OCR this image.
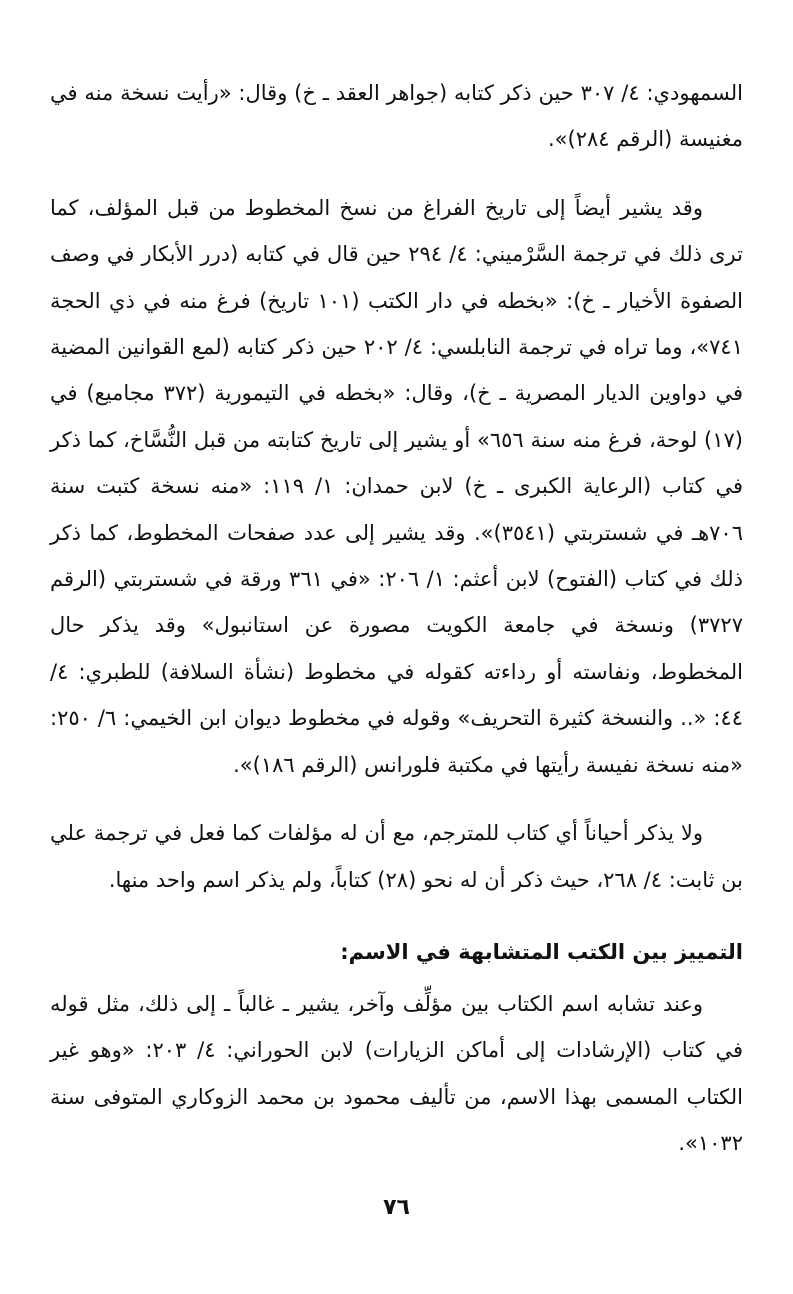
السمهودي: ٤/ ٣٠٧ حين ذكر كتابه (جواهر العقد ـ خ) وقال: «رأيت نسخة منه في مغنيسة (الرقم ٢٨٤)».

وقد يشير أيضاً إلى تاريخ الفراغ من نسخ المخطوط من قبل المؤلف، كما ترى ذلك في ترجمة السَّرْميني: ٤/ ٢٩٤ حين قال في كتابه (درر الأبكار في وصف الصفوة الأخيار ـ خ): «بخطه في دار الكتب (١٠١ تاريخ) فرغ منه في ذي الحجة ٧٤١»، وما تراه في ترجمة النابلسي: ٤/ ٢٠٢ حين ذكر كتابه (لمع القوانين المضية في دواوين الديار المصرية ـ خ)، وقال: «بخطه في التيمورية (٣٧٢ مجاميع) في (١٧) لوحة، فرغ منه سنة ٦٥٦» أو يشير إلى تاريخ كتابته من قبل النُّسَّاخ، كما ذكر في كتاب (الرعاية الكبرى ـ خ) لابن حمدان: ١/ ١١٩: «منه نسخة كتبت سنة ٧٠٦هـ في شستربتي (٣٥٤١)». وقد يشير إلى عدد صفحات المخطوط، كما ذكر ذلك في كتاب (الفتوح) لابن أعثم: ١/ ٢٠٦: «في ٣٦١ ورقة في شستربتي (الرقم ٣٧٢٧) ونسخة في جامعة الكويت مصورة عن استانبول» وقد يذكر حال المخطوط، ونفاسته أو رداءته كقوله في مخطوط (نشأة السلافة) للطبري: ٤/ ٤٤: «.. والنسخة كثيرة التحريف» وقوله في مخطوط ديوان ابن الخيمي: ٦/ ٢٥٠: «منه نسخة نفيسة رأيتها في مكتبة فلورانس (الرقم ١٨٦)».

ولا يذكر أحياناً أي كتاب للمترجم، مع أن له مؤلفات كما فعل في ترجمة علي بن ثابت: ٤/ ٢٦٨، حيث ذكر أن له نحو (٢٨) كتاباً، ولم يذكر اسم واحد منها.

التمييز بين الكتب المتشابهة في الاسم:

وعند تشابه اسم الكتاب بين مؤلِّف وآخر، يشير ـ غالباً ـ إلى ذلك، مثل قوله في كتاب (الإرشادات إلى أماكن الزيارات) لابن الحوراني: ٤/ ٢٠٣: «وهو غير الكتاب المسمى بهذا الاسم، من تأليف محمود بن محمد الزوكاري المتوفى سنة ١٠٣٢».

٧٦
